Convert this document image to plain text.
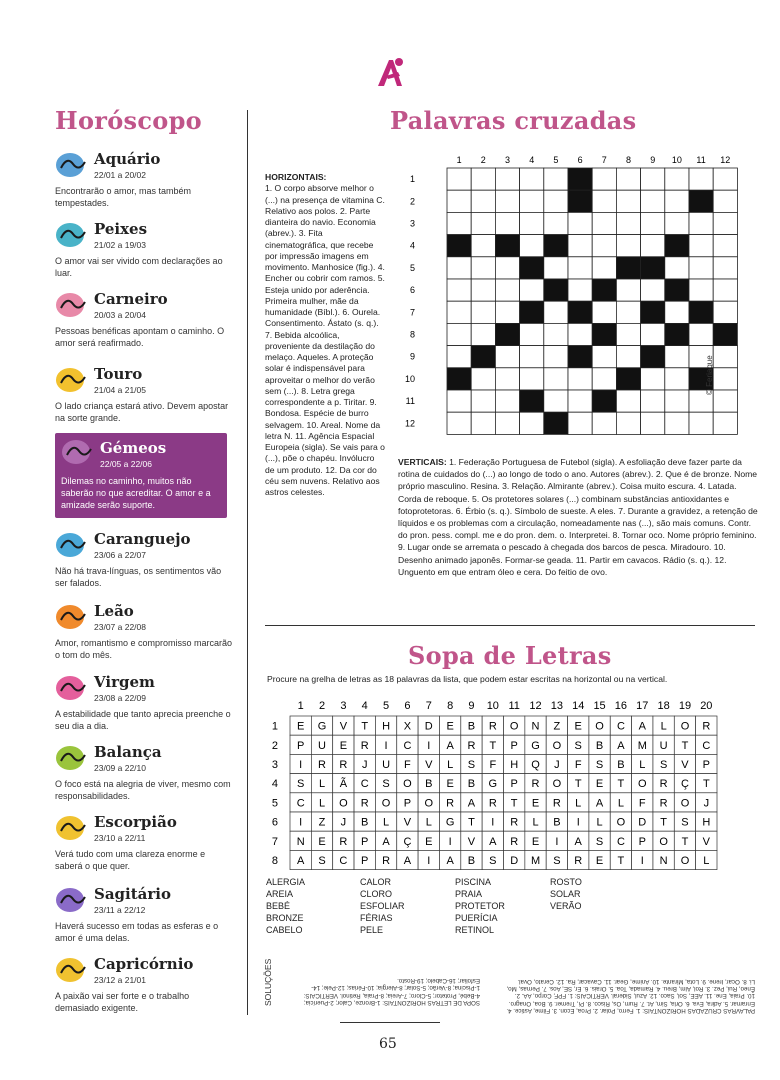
Horóscopo
Aquário
22/01 a 20/02
Encontrarão o amor, mas também tempestades.
Peixes
21/02 a 19/03
O amor vai ser vivido com declarações ao luar.
Carneiro
20/03 a 20/04
Pessoas benéficas apontam o caminho. O amor será reafirmado.
Touro
21/04 a 21/05
O lado criança estará ativo. Devem apostar na sorte grande.
Gémeos
22/05 a 22/06
Dilemas no caminho, muitos não saberão no que acreditar. O amor e a amizade serão suporte.
Caranguejo
23/06 a 22/07
Não há trava-línguas, os sentimentos vão ser falados.
Leão
23/07 a 22/08
Amor, romantismo e compromisso marcarão o tom do mês.
Virgem
23/08 a 22/09
A estabilidade que tanto aprecia preenche o seu dia a dia.
Balança
23/09 a 22/10
O foco está na alegria de viver, mesmo com responsabilidades.
Escorpião
23/10 a 22/11
Verá tudo com uma clareza enorme e saberá o que quer.
Sagitário
23/11 a 22/12
Haverá sucesso em todas as esferas e o amor é uma delas.
Capricórnio
23/12 a 21/01
A paixão vai ser forte e o trabalho demasiado exigente.
Palavras cruzadas
HORIZONTAIS:
1. O corpo absorve melhor o (...) na presença de vitamina C. Relativo aos polos. 2. Parte dianteira do navio. Economia (abrev.). 3. Fita cinematográfica, que recebe por impressão imagens em movimento. Manhosice (fig.). 4. Encher ou cobrir com ramos. 5. Esteja unido por aderência. Primeira mulher, mãe da humanidade (Bíbl.). 6. Ourela. Consentimento. Ástato (s. q.). 7. Bebida alcoólica, proveniente da destilação do melaço. Aqueles. A proteção solar é indispensável para aproveitar o melhor do verão sem (...). 8. Letra grega correspondente a p. Tiritar. 9. Bondosa. Espécie de burro selvagem. 10. Areal. Nome da letra N. 11. Agência Espacial Europeia (sigla). Se vais para o (...), põe o chapéu. Invólucro de um produto. 12. Da cor do céu sem nuvens. Relativo aos astros celestes.
1 2 3 4 5 6 7 8 9 10 11 12
1
2
3
4
5
6
7
8
9
10
11
12
© Feriaque
VERTICAIS: 1. Federação Portuguesa de Futebol (sigla). A esfoliação deve fazer parte da rotina de cuidados do (...) ao longo de todo o ano. Autores (abrev.). 2. Que é de bronze. Nome próprio masculino. Resina. 3. Relação. Almirante (abrev.). Coisa muito escura. 4. Latada. Corda de reboque. 5. Os protetores solares (...) combinam substâncias antioxidantes e fotoprotetoras. 6. Érbio (s. q.). Símbolo de sueste. A eles. 7. Durante a gravidez, a retenção de líquidos e os problemas com a circulação, nomeadamente nas (...), são mais comuns. Contr. do pron. pess. compl. me e do pron. dem. o. Interpretei. 8. Tornar oco. Nome próprio feminino. 9. Lugar onde se arremata o pescado à chegada dos barcos de pesca. Miradouro. 10. Desenho animado japonês. Formar-se geada. 11. Partir em cavacos. Rádio (s. q.). 12. Unguento em que entram óleo e cera. Do feitio de ovo.
Sopa de Letras
Procure na grelha de letras as 18 palavras da lista, que podem estar escritas na horizontal ou na vertical.
1 2 3 4 5 6 7 8 9 10 11 12 13 14 15 16 17 18 19 20
1
2
3
4
5
6
7
8
E G V T H X D E B R O N Z E O C A L O R
P U E R I C I A R T P G O S B A M U T C
I R R J U F V L S F H Q J F S B L S V P
S L Ã C S O B E B G P R O T E T O R Ç T
C L O R O P O R A R T E R L A L F R O J
I Z J B L V L G T I R L B I L O D T S H
N E R P A Ç E I V A R E I A S C P O T V
A S C P R A I A B S D M S R E T I N O L
ALERGIA
AREIA
BEBÉ
BRONZE
CABELO
CALOR
CLORO
ESFOLIAR
FÉRIAS
PELE
PISCINA
PRAIA
PROTETOR
PUERÍCIA
RETINOL
ROSTO
SOLAR
VERÃO
SOLUÇÕES	SOPA DE LETRAS HORIZONTAIS: 1-Bronze, Calor; 2-Puerícia; 4-Bebé, Protetor; 5-Cloro; 7-Areia; 8-Praia, Retinol. VERTICAIS: 1-Piscina; 8-Verão; 5-Solar; 8-Alergia; 10-Férias; 12-Pele; 14-Esfoliar; 16-Cabelo; 19-Rosto.
PALAVRAS CRUZADAS HORIZONTAIS: 1. Ferro, Polar. 2. Proa, Econ. 3. Filme, Astice. 4. Enramar. 5. Adira, Eva. 6. Orla, Sim, At. 7. Rum, Os, Risco. 8. Pi, Tremer. 9. Boa, Onagro. 10. Praia, Ene. 11. AEE, Sol, Saco. 12. Azul, Sideral. VERTICAIS: 1. FPF, Corpo, AA. 2. Êneo, Rui, Pez. 3. Rol, Alm, Breu. 4. Ramada, Toa. 5. Orais. 6. Er, SE, Aos. 7. Pernas, Mo, Li. 8. Ocar, Irene. 9. Lota, Mirante. 10. Anime, Gear. 11. Cavacar, Ra. 12. Cerato, Oval.
65
